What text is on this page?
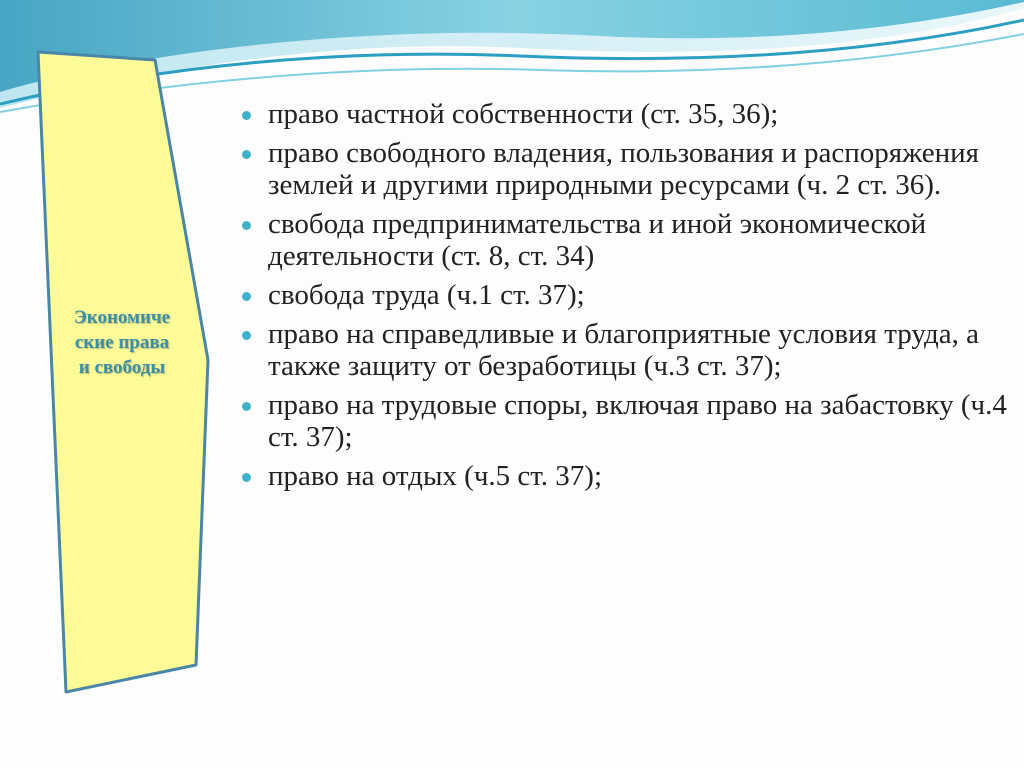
Экономиче
ские права
и свободы
право частной собственности (ст. 35, 36);
право свободного владения, пользования и распоряжения землей и другими природными ресурсами (ч. 2 ст. 36).
свобода предпринимательства и иной экономической деятельности (ст. 8, ст. 34)
свобода труда (ч.1 ст. 37);
право на справедливые и благоприятные условия труда, а также защиту от безработицы (ч.3 ст. 37);
право на трудовые споры, включая право на забастовку (ч.4 ст. 37);
право на отдых (ч.5 ст. 37);
